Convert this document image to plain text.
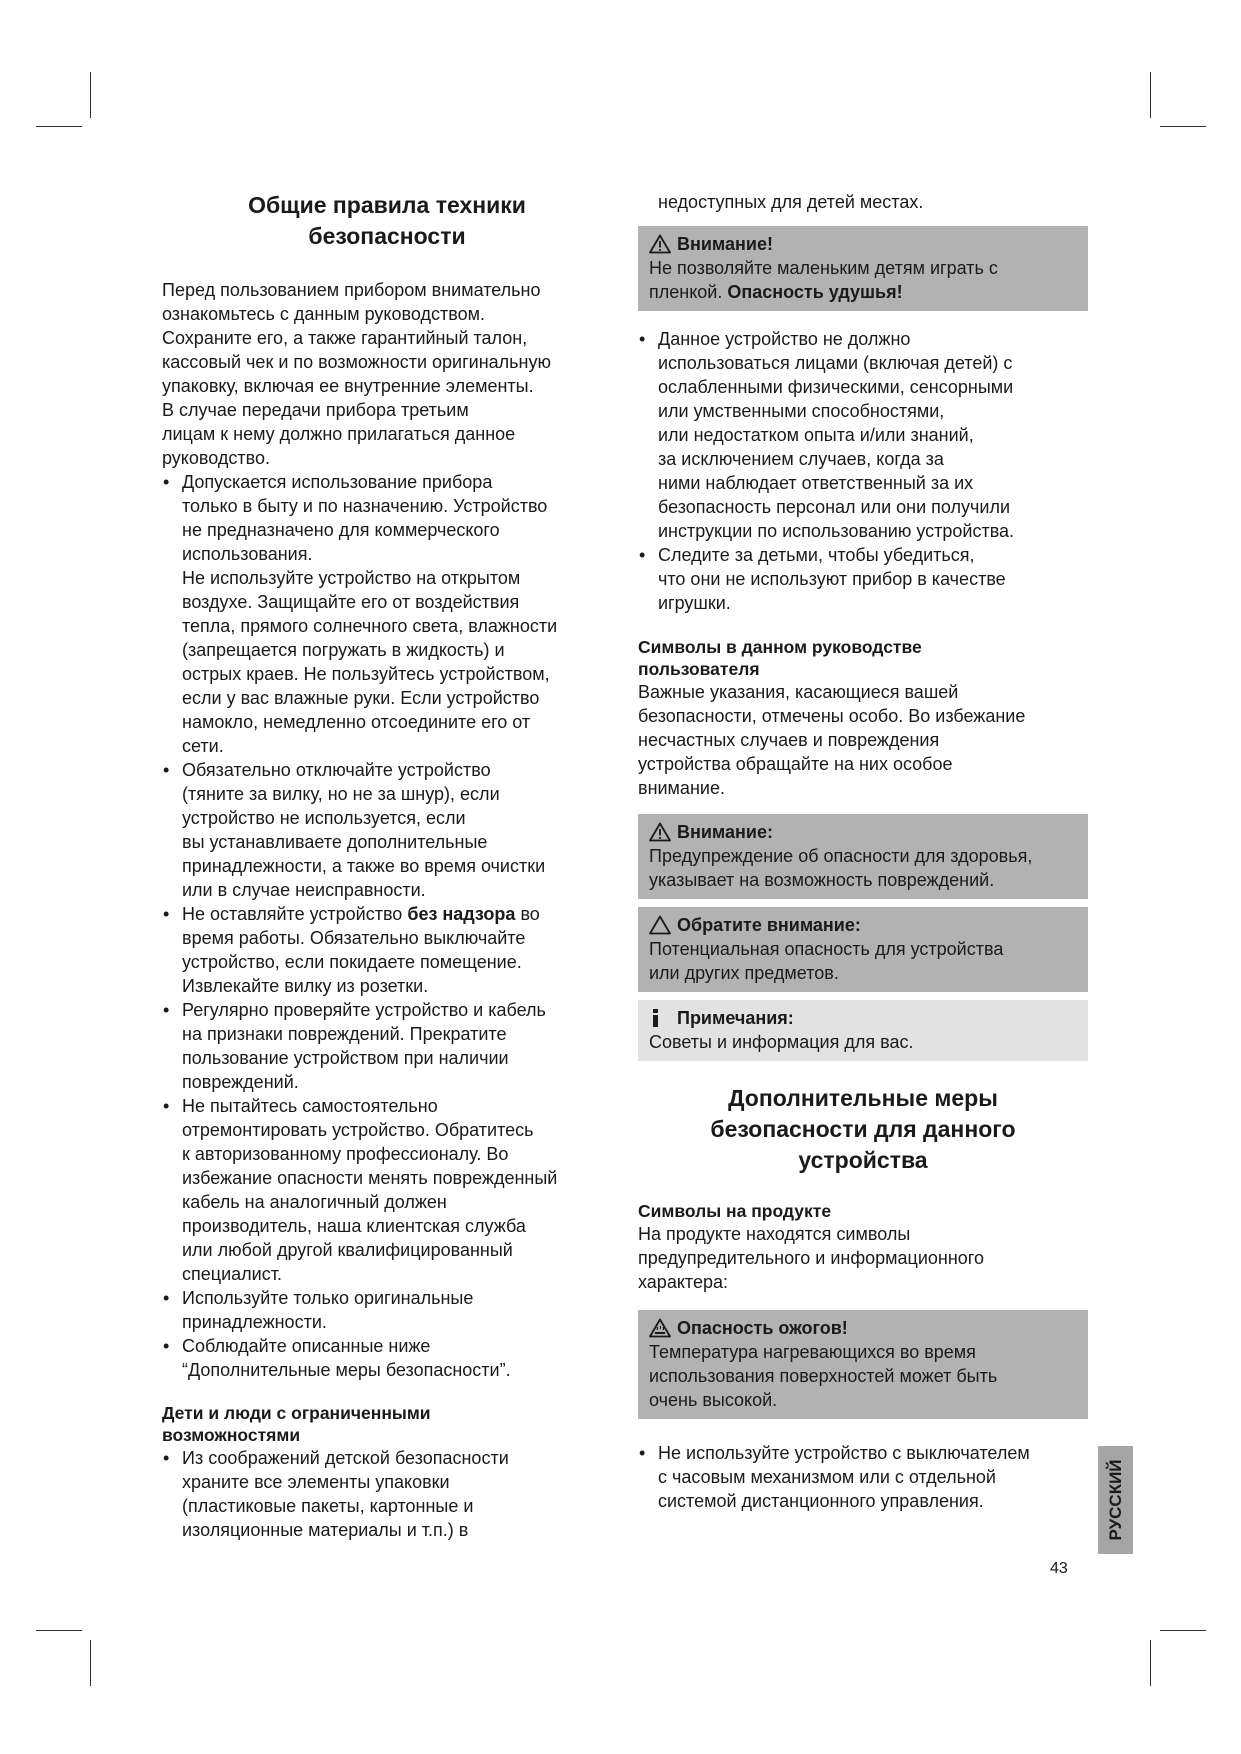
Общие правила техники
безопасности

Перед пользованием прибором внимательно
ознакомьтесь с данным руководством.
Сохраните его, а также гарантийный талон,
кассовый чек и по возможности оригинальную
упаковку, включая ее внутренние элементы.
В случае передачи прибора третьим
лицам к нему должно прилагаться данное
руководство.

• Допускается использование прибора
только в быту и по назначению. Устройство
не предназначено для коммерческого
использования.
Не используйте устройство на открытом
воздухе. Защищайте его от воздействия
тепла, прямого солнечного света, влажности
(запрещается погружать в жидкость) и
острых краев. Не пользуйтесь устройством,
если у вас влажные руки. Если устройство
намокло, немедленно отсоедините его от
сети.
• Обязательно отключайте устройство
(тяните за вилку, но не за шнур), если
устройство не используется, если
вы устанавливаете дополнительные
принадлежности, а также во время очистки
или в случае неисправности.
• Не оставляйте устройство без надзора во
время работы. Обязательно выключайте
устройство, если покидаете помещение.
Извлекайте вилку из розетки.
• Регулярно проверяйте устройство и кабель
на признаки повреждений. Прекратите
пользование устройством при наличии
повреждений.
• Не пытайтесь самостоятельно
отремонтировать устройство. Обратитесь
к авторизованному профессионалу. Во
избежание опасности менять поврежденный
кабель на аналогичный должен
производитель, наша клиентская служба
или любой другой квалифицированный
специалист.
• Используйте только оригинальные
принадлежности.
• Соблюдайте описанные ниже
“Дополнительные меры безопасности”.
Дети и люди с ограниченными
возможностями
• Из соображений детской безопасности
храните все элементы упаковки
(пластиковые пакеты, картонные и
изоляционные материалы и т.п.) в

недоступных для детей местах.

Внимание!
Не позволяйте маленьким детям играть с
пленкой. Опасность удушья!
• Данное устройство не должно
использоваться лицами (включая детей) с
ослабленными физическими, сенсорными
или умственными способностями,
или недостатком опыта и/или знаний,
за исключением случаев, когда за
ними наблюдает ответственный за их
безопасность персонал или они получили
инструкции по использованию устройства.
• Следите за детьми, чтобы убедиться,
что они не используют прибор в качестве
игрушки.
Символы в данном руководстве
пользователя

Важные указания, касающиеся вашей
безопасности, отмечены особо. Во избежание
несчастных случаев и повреждения
устройства обращайте на них особое
внимание.

Внимание:
Предупреждение об опасности для здоровья,
указывает на возможность повреждений.
Обратите внимание:
Потенциальная опасность для устройства
или других предметов.
Примечания:
Советы и информация для вас.
Дополнительные меры
безопасности для данного
устройства
Символы на продукте

На продукте находятся символы
предупредительного и информационного
характера:

Опасность ожогов!
Температура нагревающихся во время
использования поверхностей может быть
очень высокой.
• Не используйте устройство с выключателем
с часовым механизмом или с отдельной
системой дистанционного управления.	РУССКИЙ
43
